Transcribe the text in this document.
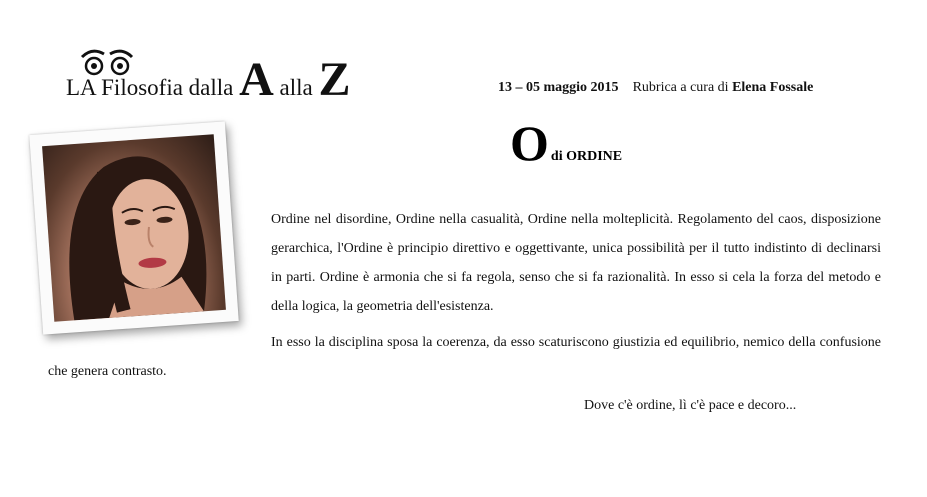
LA Filosofia dalla A alla Z	13 – 05 maggio 2015 Rubrica a cura di Elena Fossale
Odi ORDINE

Ordine nel disordine, Ordine nella casualità, Ordine nella molteplicità. Regolamento del caos, disposizione gerarchica, l'Ordine è principio direttivo e oggettivante, unica possibilità per il tutto indistinto di declinarsi in parti. Ordine è armonia che si fa regola, senso che si fa razionalità. In esso si cela la forza del metodo e della logica, la geometria dell'esistenza.

In esso la disciplina sposa la coerenza, da esso scaturiscono giustizia ed equilibrio, nemico della confusione che genera contrasto.

Dove c'è ordine, lì c'è pace e decoro...
